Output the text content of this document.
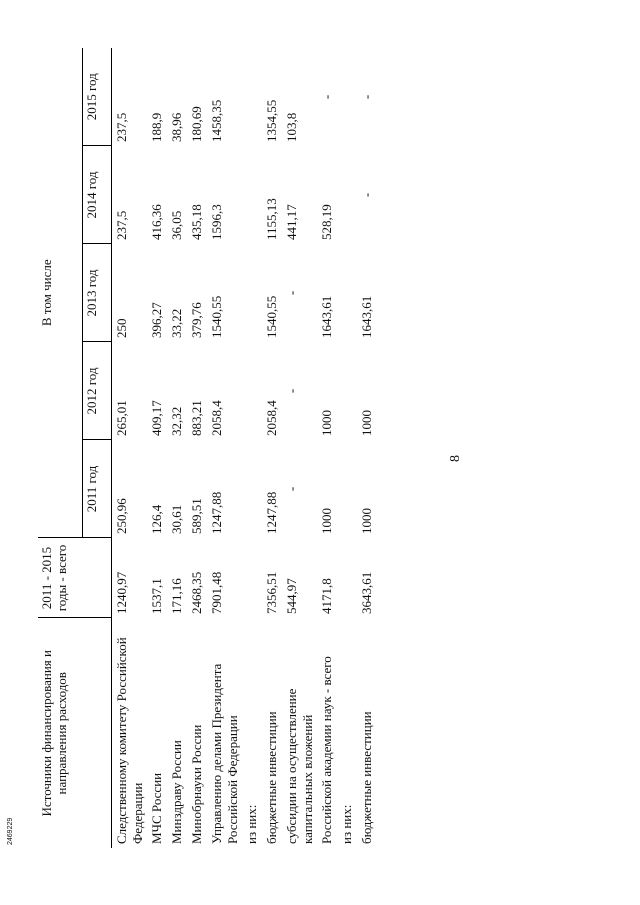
8
Источники финансирования и направления расходов	2011 - 2015 годы - всего	В том числе				
		2011 год	2012 год	2013 год	2014 год	2015 год
Следственному комитету Российской Федерации	1240,97	250,96	265,01	250	237,5	237,5
МЧС России	1537,1	126,4	409,17	396,27	416,36	188,9
Минздраву России	171,16	30,61	32,32	33,22	36,05	38,96
Минобрнауки России	2468,35	589,51	883,21	379,76	435,18	180,69
Управлению делами Президента Российской Федерации	7901,48	1247,88	2058,4	1540,55	1596,3	1458,35
из них:						
бюджетные инвестиции	7356,51	1247,88	2058,4	1540,55	1155,13	1354,55
субсидии на осуществление капитальных вложений	544,97	-	-	-	441,17	103,8
Российской академии наук - всего	4171,8	1000	1000	1643,61	528,19	-
из них:						
бюджетные инвестиции	3643,61	1000	1000	1643,61	-	-
2469229
